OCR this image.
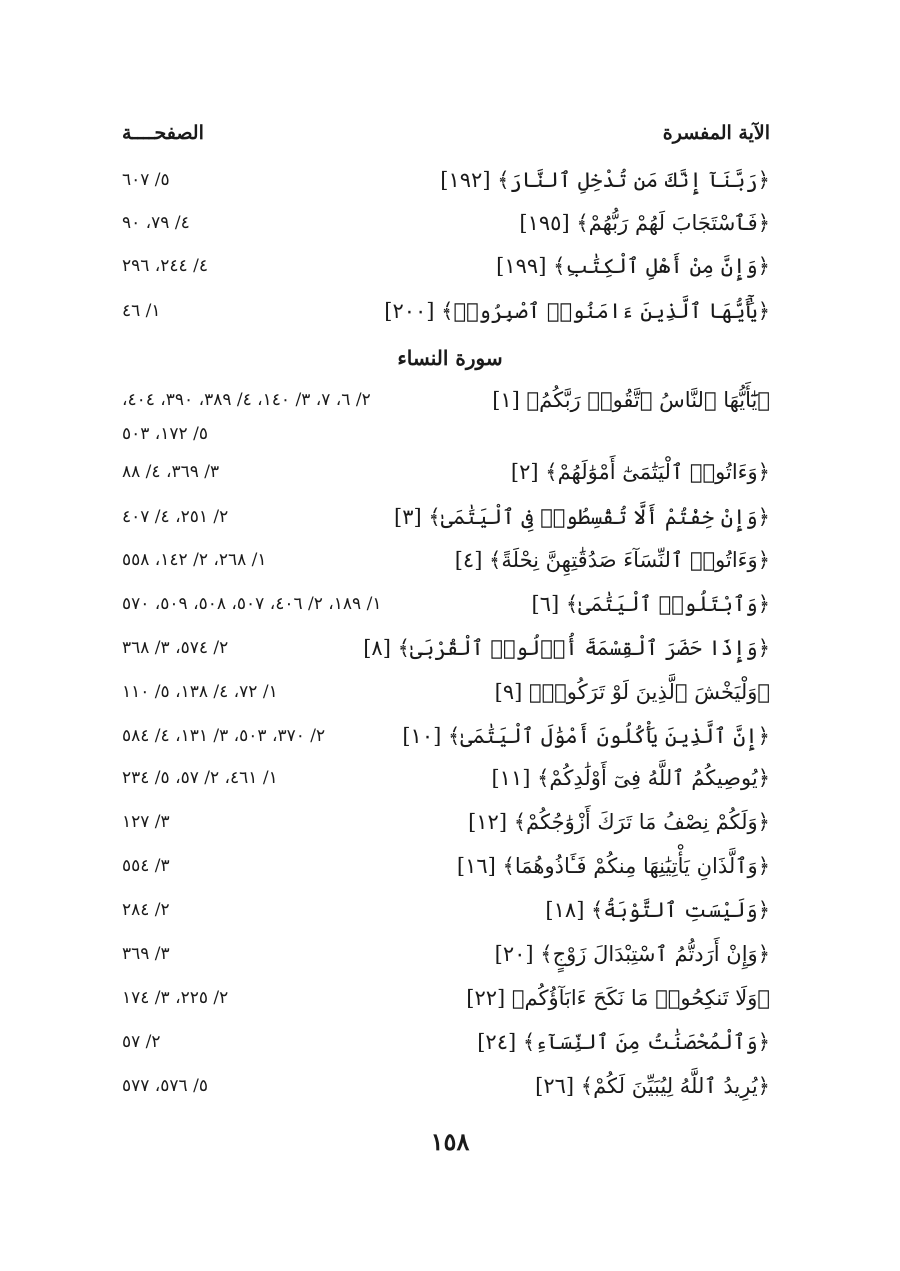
الآية المفسرة
الصفحــــة
﴿رَبَّنَآ إِنَّكَ مَن تُدْخِلِ ٱلنَّارَ﴾ [١٩٢]
٥/ ٦٠٧
﴿فَٱسْتَجَابَ لَهُمْ رَبُّهُمْ﴾ [١٩٥]
٤/ ٧٩، ٩٠
﴿وَإِنَّ مِنْ أَهْلِ ٱلْكِتَٰبِ﴾ [١٩٩]
٤/ ٢٤٤، ٢٩٦
﴿يَٰٓأَيُّهَا ٱلَّذِينَ ءَامَنُوا۟ ٱصْبِرُوا۟﴾ [٢٠٠]
١/ ٤٦
سورة النساء
﴿يَٰٓأَيُّهَا ٱلنَّاسُ ٱتَّقُوا۟ رَبَّكُمُ﴾ [١]
٢/ ٦، ٧، ٣/ ١٤٠، ٤/ ٣٨٩، ٣٩٠، ٤٠٤،
٥/ ١٧٢، ٥٠٣
﴿وَءَاتُوا۟ ٱلْيَتَٰمَىٰٓ أَمْوَٰلَهُمْ﴾ [٢]
٣/ ٣٦٩، ٤/ ٨٨
﴿وَإِنْ خِفْتُمْ أَلَّا تُقْسِطُوا۟ فِى ٱلْيَتَٰمَىٰ﴾ [٣]
٢/ ٢٥١، ٤/ ٤٠٧
﴿وَءَاتُوا۟ ٱلنِّسَآءَ صَدُقَٰتِهِنَّ نِحْلَةً﴾ [٤]
١/ ٢٦٨، ٢/ ١٤٢، ٥٥٨
﴿وَٱبْتَلُوا۟ ٱلْيَتَٰمَىٰ﴾ [٦]
١/ ١٨٩، ٢/ ٤٠٦، ٥٠٧، ٥٠٨، ٥٠٩، ٥٧٠
﴿وَإِذَا حَضَرَ ٱلْقِسْمَةَ أُو۟لُوا۟ ٱلْقُرْبَىٰ﴾ [٨]
٢/ ٥٧٤، ٣/ ٣٦٨
﴿وَلْيَخْشَ ٱلَّذِينَ لَوْ تَرَكُوا۟﴾ [٩]
١/ ٧٢، ٤/ ١٣٨، ٥/ ١١٠
﴿إِنَّ ٱلَّذِينَ يَأْكُلُونَ أَمْوَٰلَ ٱلْيَتَٰمَىٰ﴾ [١٠]
٢/ ٣٧٠، ٥٠٣، ٣/ ١٣١، ٤/ ٥٨٤
﴿يُوصِيكُمُ ٱللَّهُ فِىٓ أَوْلَٰدِكُمْ﴾ [١١]
١/ ٤٦١، ٢/ ٥٧، ٥/ ٢٣٤
﴿وَلَكُمْ نِصْفُ مَا تَرَكَ أَزْوَٰجُكُمْ﴾ [١٢]
٣/ ١٢٧
﴿وَٱلَّذَانِ يَأْتِيَٰنِهَا مِنكُمْ فَـَٔاذُوهُمَا﴾ [١٦]
٣/ ٥٥٤
﴿وَلَيْسَتِ ٱلتَّوْبَةُ﴾ [١٨]
٢/ ٢٨٤
﴿وَإِنْ أَرَدتُّمُ ٱسْتِبْدَالَ زَوْجٍ﴾ [٢٠]
٣/ ٣٦٩
﴿وَلَا تَنكِحُوا۟ مَا نَكَحَ ءَابَآؤُكُم﴾ [٢٢]
٢/ ٢٢٥، ٣/ ١٧٤
﴿وَٱلْمُحْصَنَٰتُ مِنَ ٱلنِّسَآءِ﴾ [٢٤]
٢/ ٥٧
﴿يُرِيدُ ٱللَّهُ لِيُبَيِّنَ لَكُمْ﴾ [٢٦]
٥/ ٥٧٦، ٥٧٧
١٥٨
